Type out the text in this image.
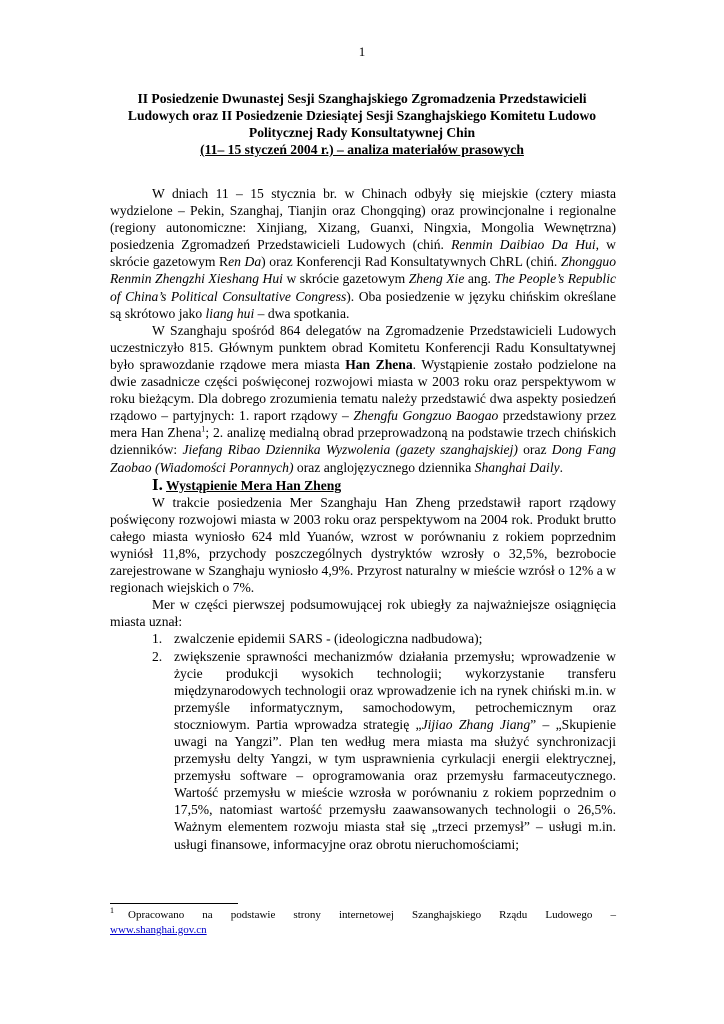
1
II Posiedzenie Dwunastej Sesji Szanghajskiego Zgromadzenia Przedstawicieli
Ludowych oraz II Posiedzenie Dziesiątej Sesji Szanghajskiego Komitetu Ludowo
Politycznej Rady Konsultatywnej Chin
(11– 15 styczeń 2004 r.) – analiza materiałów prasowych

W dniach 11 – 15 stycznia br. w Chinach odbyły się miejskie (cztery miasta wydzielone – Pekin, Szanghaj, Tianjin oraz Chongqing) oraz prowincjonalne i regionalne (regiony autonomiczne: Xinjiang, Xizang, Guanxi, Ningxia, Mongolia Wewnętrzna) posiedzenia Zgromadzeń Przedstawicieli Ludowych (chiń. Renmin Daibiao Da Hui, w skrócie gazetowym Ren Da) oraz Konferencji Rad Konsultatywnych ChRL (chiń. Zhongguo Renmin Zhengzhi Xieshang Hui w skrócie gazetowym Zheng Xie ang. The People’s Republic of China’s Political Consultative Congress). Oba posiedzenie w języku chińskim określane są skrótowo jako liang hui – dwa spotkania.

W Szanghaju spośród 864 delegatów na Zgromadzenie Przedstawicieli Ludowych uczestniczyło 815. Głównym punktem obrad Komitetu Konferencji Radu Konsultatywnej było sprawozdanie rządowe mera miasta Han Zhena. Wystąpienie zostało podzielone na dwie zasadnicze części poświęconej rozwojowi miasta w 2003 roku oraz perspektywom w roku bieżącym. Dla dobrego zrozumienia tematu należy przedstawić dwa aspekty posiedzeń rządowo – partyjnych: 1. raport rządowy – Zhengfu Gongzuo Baogao przedstawiony przez mera Han Zhena$^1$; 2. analizę medialną obrad przeprowadzoną na podstawie trzech chińskich dzienników: Jiefang Ribao Dziennika Wyzwolenia (gazety szanghajskiej) oraz Dong Fang Zaobao (Wiadomości Porannych) oraz anglojęzycznego dziennika Shanghai Daily.

I. Wystąpienie Mera Han Zheng

W trakcie posiedzenia Mer Szanghaju Han Zheng przedstawił raport rządowy poświęcony rozwojowi miasta w 2003 roku oraz perspektywom na 2004 rok. Produkt brutto całego miasta wyniosło 624 mld Yuanów, wzrost w porównaniu z rokiem poprzednim wyniósł 11,8%, przychody poszczególnych dystryktów wzrosły o 32,5%, bezrobocie zarejestrowane w Szanghaju wyniosło 4,9%. Przyrost naturalny w mieście wzrósł o 12% a w regionach wiejskich o 7%.

Mer w części pierwszej podsumowującej rok ubiegły za najważniejsze osiągnięcia miasta uznał:

1. zwalczenie epidemii SARS - (ideologiczna nadbudowa);
2. zwiększenie sprawności mechanizmów działania przemysłu; wprowadzenie w życie produkcji wysokich technologii; wykorzystanie transferu międzynarodowych technologii oraz wprowadzenie ich na rynek chiński m.in. w przemyśle informatycznym, samochodowym, petrochemicznym oraz stoczniowym. Partia wprowadza strategię „Jijiao Zhang Jiang” – „Skupienie uwagi na Yangzi”. Plan ten według mera miasta ma służyć synchronizacji przemysłu delty Yangzi, w tym usprawnienia cyrkulacji energii elektrycznej, przemysłu software – oprogramowania oraz przemysłu farmaceutycznego. Wartość przemysłu w mieście wzrosła w porównaniu z rokiem poprzednim o 17,5%, natomiast wartość przemysłu zaawansowanych technologii o 26,5%. Ważnym elementem rozwoju miasta stał się „trzeci przemysł” – usługi m.in. usługi finansowe, informacyjne oraz obrotu nieruchomościami;
$^1$ Opracowano na podstawie strony internetowej Szanghajskiego Rządu Ludowego –
www.shanghai.gov.cn
